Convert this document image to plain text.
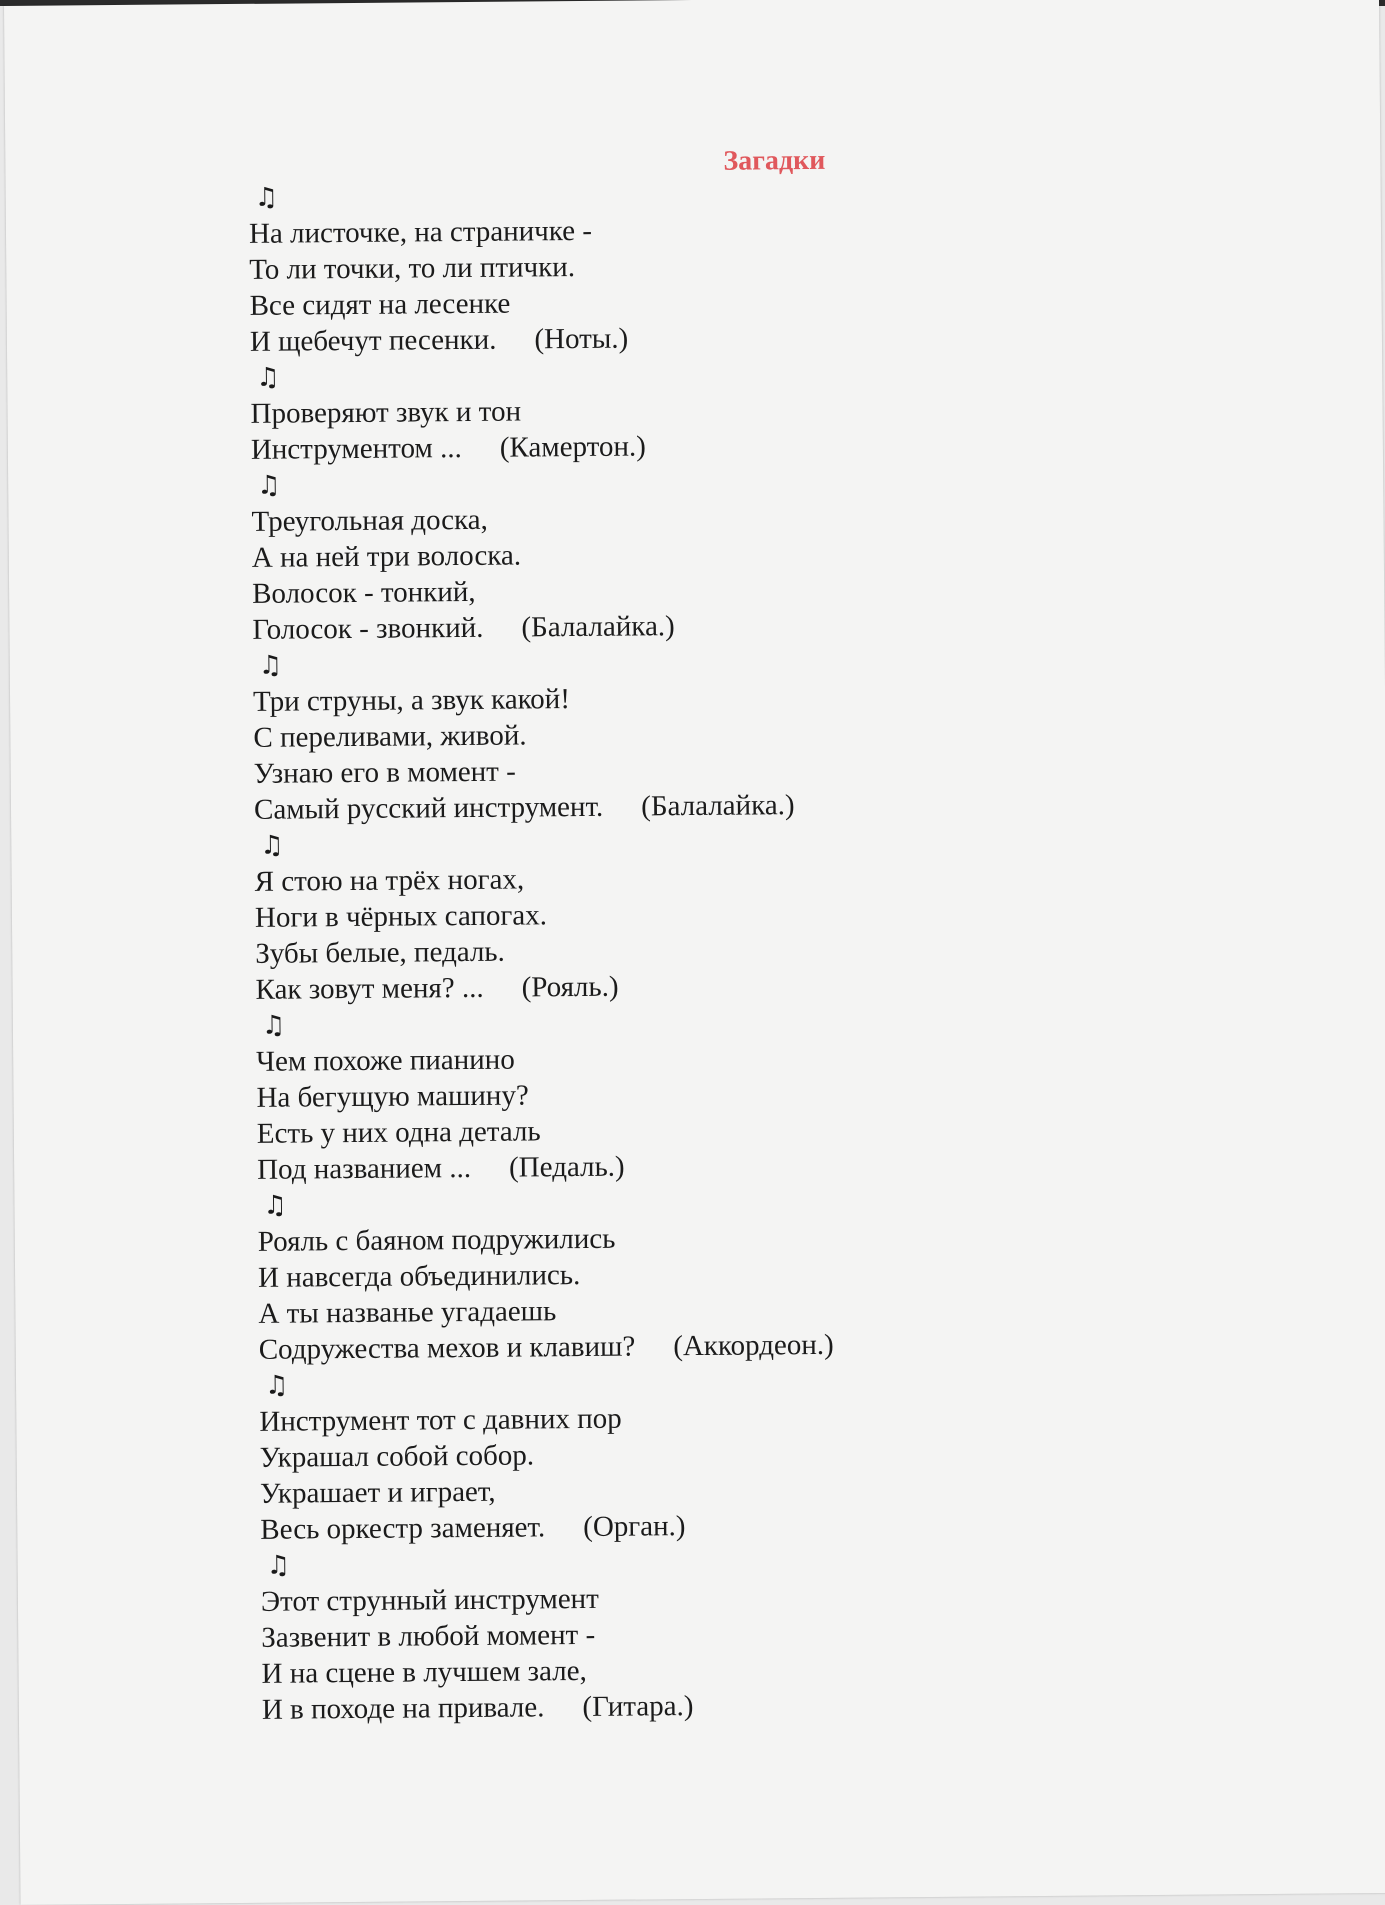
Загадки
♫
На листочке, на страничке -
То ли точки, то ли птички.
Все сидят на лесенке
И щебечут песенки. (Ноты.)
♫
Проверяют звук и тон
Инструментом ... (Камертон.)
♫
Треугольная доска,
А на ней три волоска.
Волосок - тонкий,
Голосок - звонкий. (Балалайка.)
♫
Три струны, а звук какой!
С переливами, живой.
Узнаю его в момент -
Самый русский инструмент. (Балалайка.)
♫
Я стою на трёх ногах,
Ноги в чёрных сапогах.
Зубы белые, педаль.
Как зовут меня? ... (Рояль.)
♫
Чем похоже пианино
На бегущую машину?
Есть у них одна деталь
Под названием ... (Педаль.)
♫
Рояль с баяном подружились
И навсегда объединились.
А ты названье угадаешь
Содружества мехов и клавиш? (Аккордеон.)
♫
Инструмент тот с давних пор
Украшал собой собор.
Украшает и играет,
Весь оркестр заменяет. (Орган.)
♫
Этот струнный инструмент
Зазвенит в любой момент -
И на сцене в лучшем зале,
И в походе на привале. (Гитара.)
